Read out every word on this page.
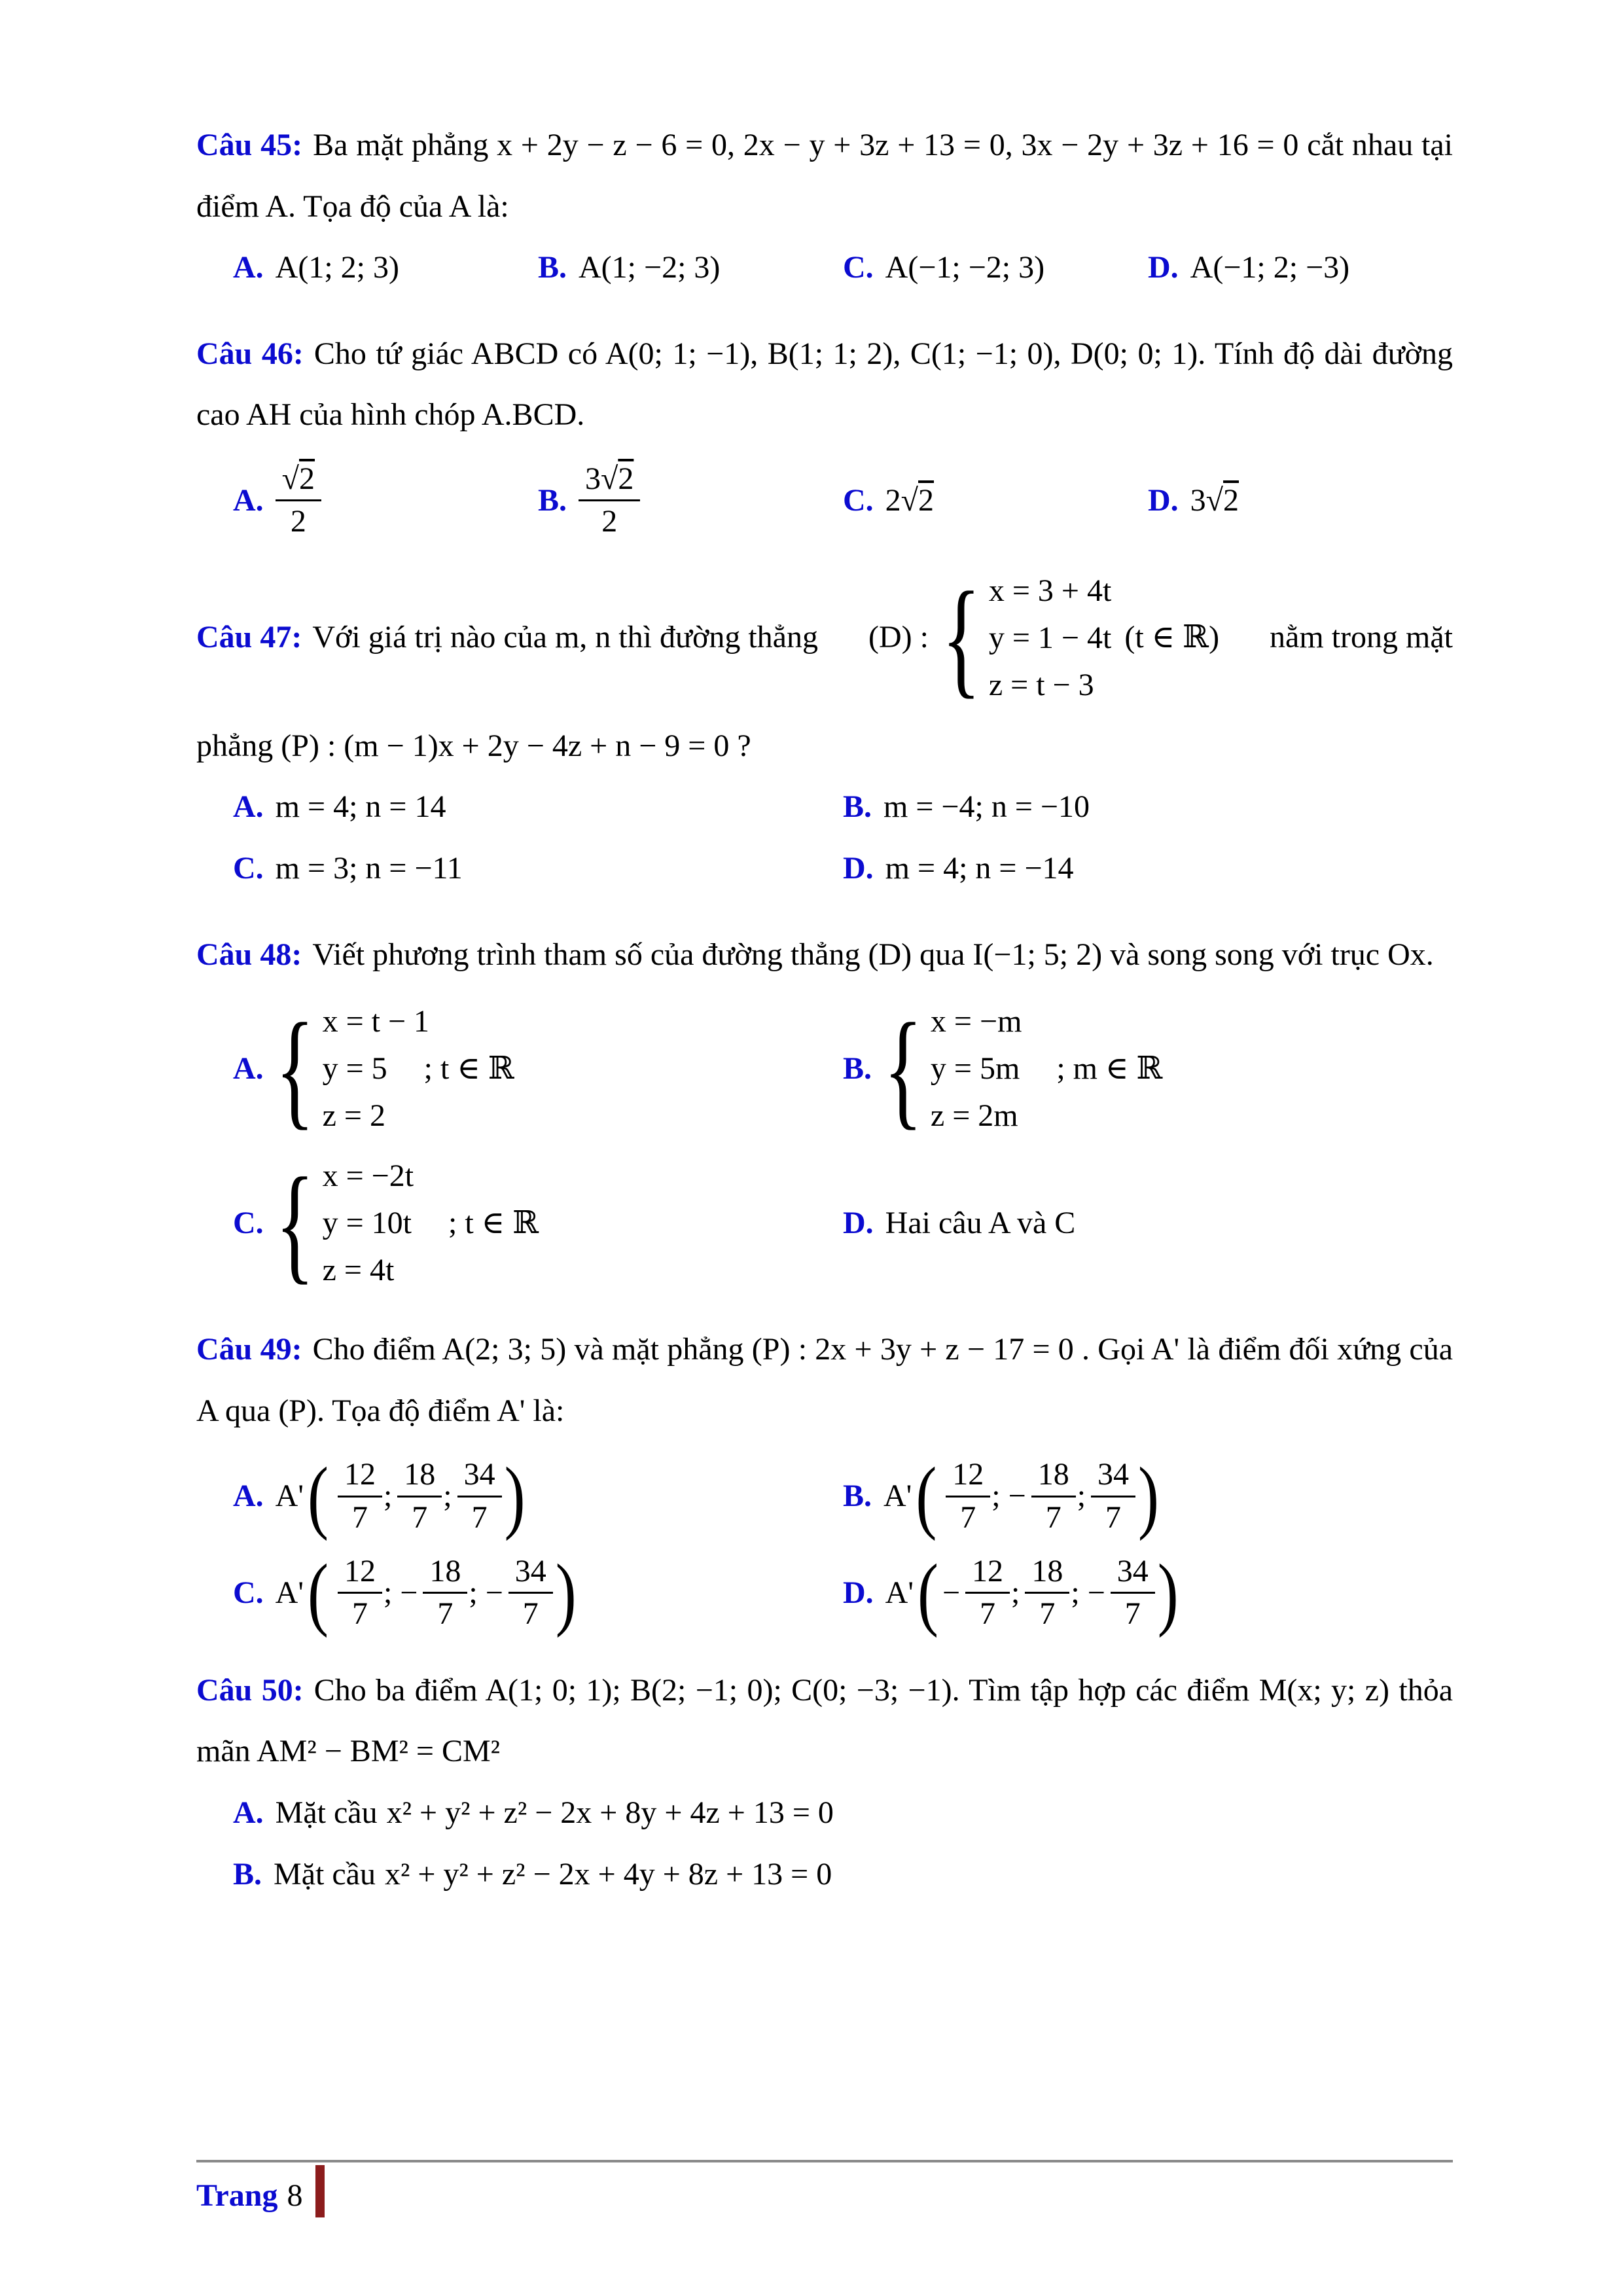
Câu 45: Ba mặt phẳng x + 2y − z − 6 = 0, 2x − y + 3z + 13 = 0, 3x − 2y + 3z + 16 = 0 cắt nhau tại điểm A. Tọa độ của A là:

A. A(1; 2; 3)	B. A(1; −2; 3)	C. A(−1; −2; 3)	D. A(−1; 2; −3)

Câu 46: Cho tứ giác ABCD có A(0; 1; −1), B(1; 1; 2), C(1; −1; 0), D(0; 0; 1). Tính độ dài đường cao AH của hình chóp A.BCD.

A. $\frac{√2}{2}$	B. $\frac{3 √2}{2}$	C. 2√2	D. 3√2
Câu 47: Với giá trị nào của m, n thì đường thẳng (D) : { x = 3 + 4t
y = 1 − 4t
z = t − 3
(t ∈ ℝ) nằm trong mặt

phẳng (P) : (m − 1)x + 2y − 4z + n − 9 = 0 ?

A. m = 4; n = 14	B. m = −4; n = −10
C. m = 3; n = −11	D. m = 4; n = −14

Câu 48: Viết phương trình tham số của đường thẳng (D) qua I(−1; 5; 2) và song song với trục Ox.

A. { x = t − 1
y = 5 ; t ∈ ℝ
z = 2
B. { x = −m
y = 5m ; m ∈ ℝ
z = 2m
C. { x = −2t
y = 10t ; t ∈ ℝ
z = 4t
D. Hai câu A và C

Câu 49: Cho điểm A(2; 3; 5) và mặt phẳng (P) : 2x + 3y + z − 17 = 0 . Gọi A' là điểm đối xứng của A qua (P). Tọa độ điểm A' là:

A. A' ( $\frac{12}{7}$ ; $\frac{18}{7}$ ; $\frac{34}{7}$ )	B. A' ( $\frac{12}{7}$ ; − $\frac{18}{7}$ ; $\frac{34}{7}$ )
C. A' ( $\frac{12}{7}$ ; − $\frac{18}{7}$ ; − $\frac{34}{7}$ )	D. A' ( − $\frac{12}{7}$ ; $\frac{18}{7}$ ; − $\frac{34}{7}$ )

Câu 50: Cho ba điểm A(1; 0; 1); B(2; −1; 0); C(0; −3; −1). Tìm tập hợp các điểm M(x; y; z) thỏa mãn AM² − BM² = CM²

A. Mặt cầu x² + y² + z² − 2x + 8y + 4z + 13 = 0

B. Mặt cầu x² + y² + z² − 2x + 4y + 8z + 13 = 0

Trang 8
